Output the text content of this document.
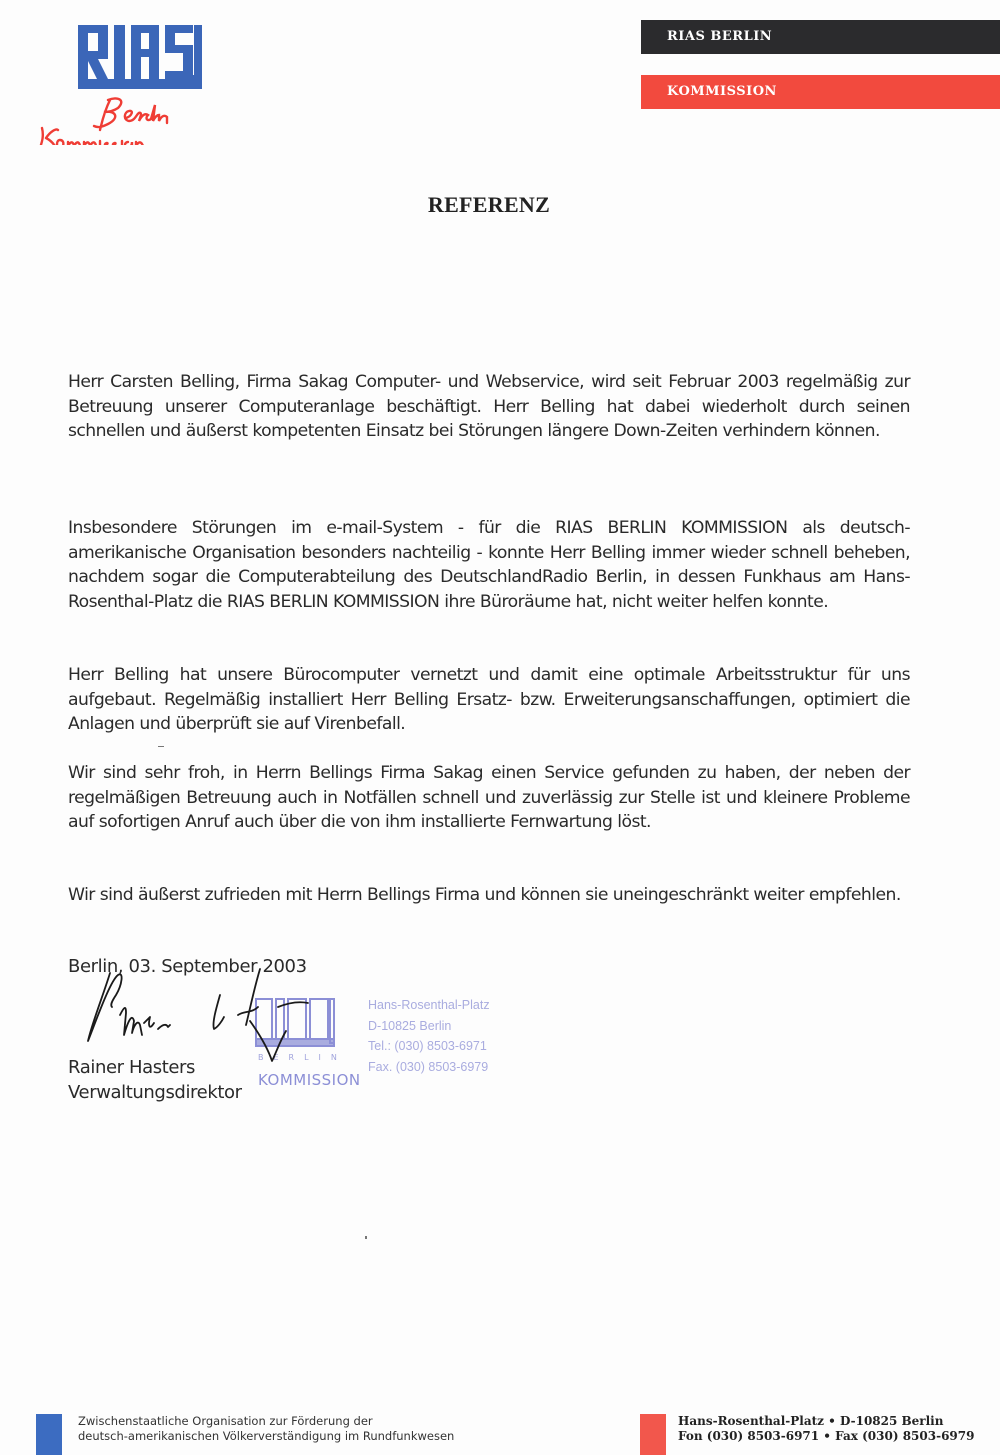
RIAS BERLIN
KOMMISSION
REFERENZ

Herr Carsten Belling, Firma Sakag Computer- und Webservice, wird seit Februar 2003 regelmäßig zur Betreuung unserer Computeranlage beschäftigt. Herr Belling hat dabei wiederholt durch seinen schnellen und äußerst kompetenten Einsatz bei Störungen längere Down-Zeiten verhindern können.

Insbesondere Störungen im e-mail-System - für die RIAS BERLIN KOMMISSION als deutsch-amerikanische Organisation besonders nachteilig - konnte Herr Belling immer wieder schnell beheben, nachdem sogar die Computerabteilung des DeutschlandRadio Berlin, in dessen Funkhaus am Hans-Rosenthal-Platz die RIAS BERLIN KOMMISSION ihre Büroräume hat, nicht weiter helfen konnte.

Herr Belling hat unsere Bürocomputer vernetzt und damit eine optimale Arbeitsstruktur für uns aufgebaut. Regelmäßig installiert Herr Belling Ersatz- bzw. Erweiterungsanschaffungen, optimiert die Anlagen und überprüft sie auf Virenbefall.

Wir sind sehr froh, in Herrn Bellings Firma Sakag einen Service gefunden zu haben, der neben der regelmäßigen Betreuung auch in Notfällen schnell und zuverlässig zur Stelle ist und kleinere Probleme auf sofortigen Anruf auch über die von ihm installierte Fernwartung löst.

Wir sind äußerst zufrieden mit Herrn Bellings Firma und können sie uneingeschränkt weiter empfehlen.

Berlin, 03. September 2003
BERLIN
KOMMISSION
Hans-Rosenthal-Platz
D-10825 Berlin
Tel.: (030) 8503-6971
Fax. (030) 8503-6979
Rainer Hasters
Verwaltungsdirektor
Zwischenstaatliche Organisation zur Förderung der
deutsch-amerikanischen Völkerverständigung im Rundfunkwesen
Hans-Rosenthal-Platz • D-10825 Berlin
Fon (030) 8503-6971 • Fax (030) 8503-6979
